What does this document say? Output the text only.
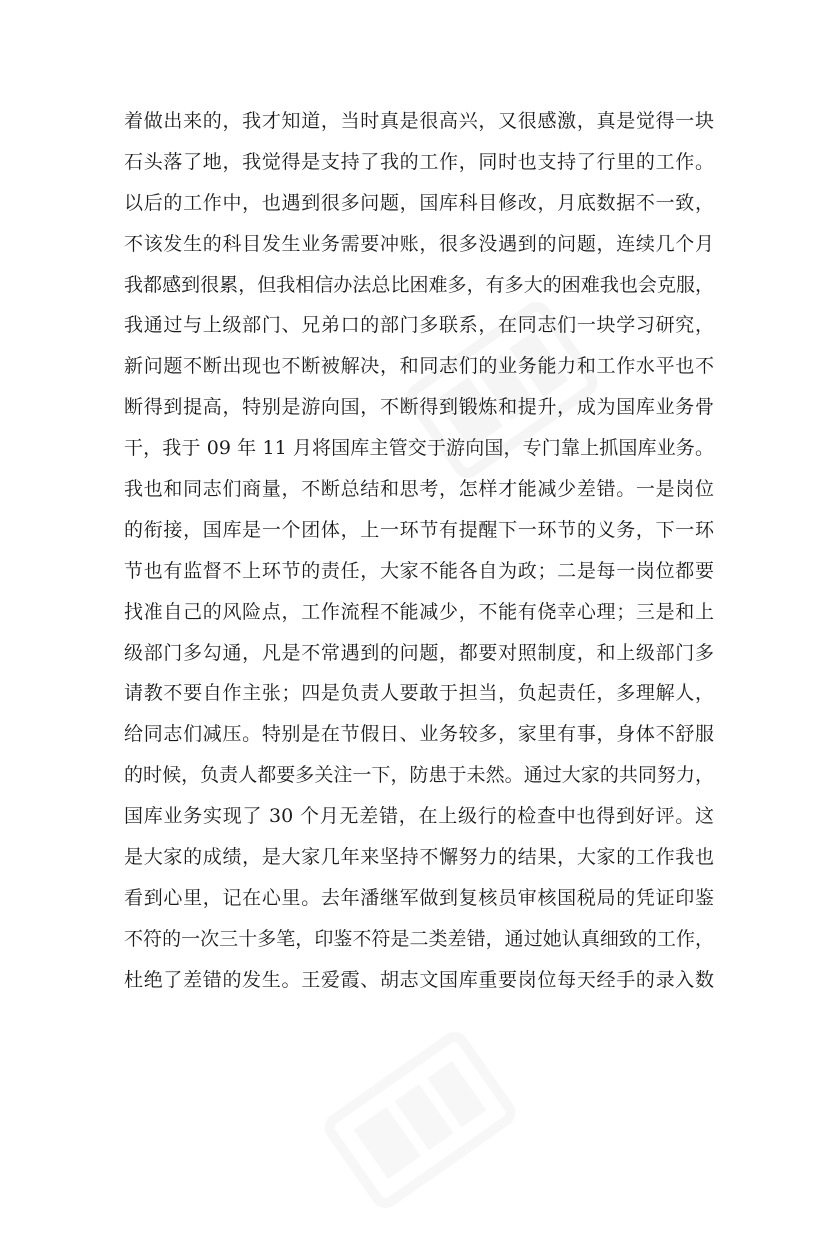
着做出来的，我才知道，当时真是很高兴，又很感激，真是觉得一块
石头落了地，我觉得是支持了我的工作，同时也支持了行里的工作。
以后的工作中，也遇到很多问题，国库科目修改，月底数据不一致，
不该发生的科目发生业务需要冲账，很多没遇到的问题，连续几个月
我都感到很累，但我相信办法总比困难多，有多大的困难我也会克服，
我通过与上级部门、兄弟口的部门多联系，在同志们一块学习研究，
新问题不断出现也不断被解决，和同志们的业务能力和工作水平也不
断得到提高，特别是游向国，不断得到锻炼和提升，成为国库业务骨
干，我于 09 年 11 月将国库主管交于游向国，专门靠上抓国库业务。
我也和同志们商量，不断总结和思考，怎样才能减少差错。一是岗位
的衔接，国库是一个团体，上一环节有提醒下一环节的义务，下一环
节也有监督不上环节的责任，大家不能各自为政；二是每一岗位都要
找准自己的风险点，工作流程不能减少，不能有侥幸心理；三是和上
级部门多勾通，凡是不常遇到的问题，都要对照制度，和上级部门多
请教不要自作主张；四是负责人要敢于担当，负起责任，多理解人，
给同志们减压。特别是在节假日、业务较多，家里有事，身体不舒服
的时候，负责人都要多关注一下，防患于未然。通过大家的共同努力，
国库业务实现了 30 个月无差错，在上级行的检查中也得到好评。这
是大家的成绩，是大家几年来坚持不懈努力的结果，大家的工作我也
看到心里，记在心里。去年潘继军做到复核员审核国税局的凭证印鉴
不符的一次三十多笔，印鉴不符是二类差错，通过她认真细致的工作，
杜绝了差错的发生。王爱霞、胡志文国库重要岗位每天经手的录入数
